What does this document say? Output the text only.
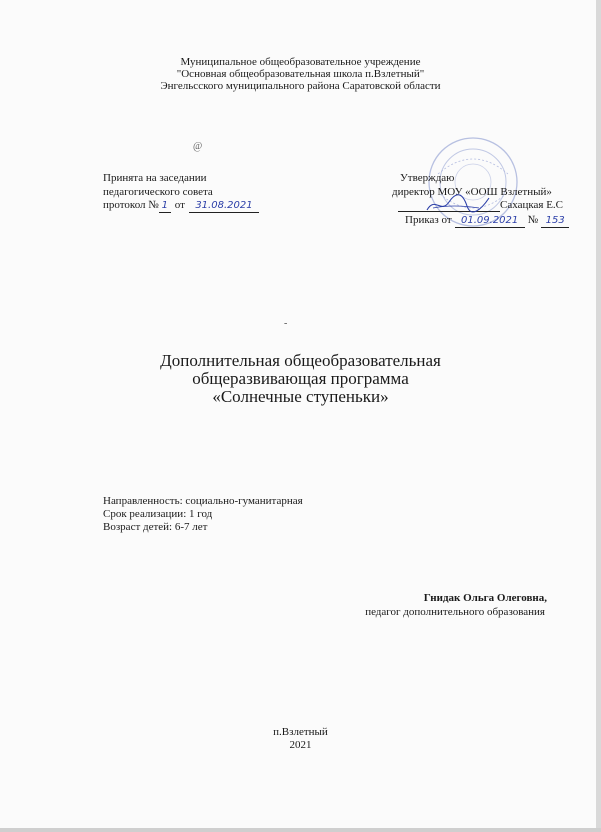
Муниципальное общеобразовательное учреждение
"Основная общеобразовательная школа п.Взлетный"
Энгельсского муниципального района Саратовской области
@
Принята на заседании
педагогического совета
протокол № 1 от 31.08.2021
Утверждаю
директор МОУ «ООШ Взлетный»
Сахацкая Е.С
Приказ от 01.09.2021 № 153
-
Дополнительная общеобразовательная
общеразвивающая программа
«Солнечные ступеньки»
Направленность: социально-гуманитарная
Срок реализации: 1 год
Возраст детей: 6-7 лет
Гнидак Ольга Олеговна,
педагог дополнительного образования
п.Взлетный
2021
